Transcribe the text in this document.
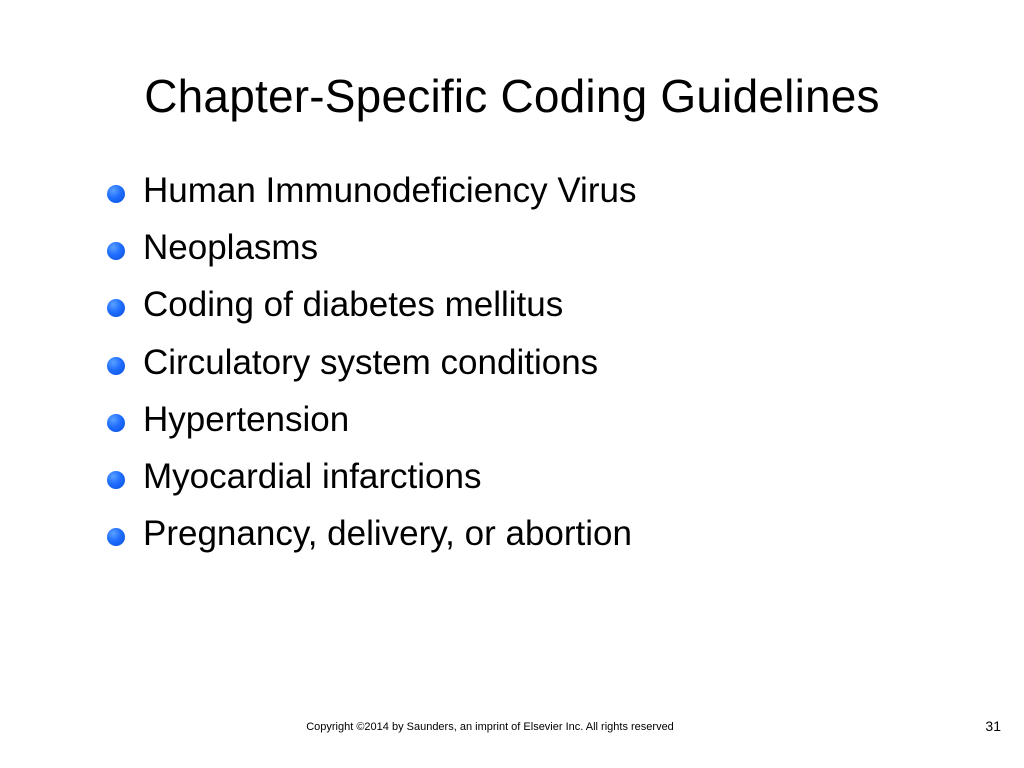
Chapter-Specific Coding Guidelines
Human Immunodeficiency Virus
Neoplasms
Coding of diabetes mellitus
Circulatory system conditions
Hypertension
Myocardial infarctions
Pregnancy, delivery, or abortion
Copyright ©2014 by Saunders, an imprint of Elsevier Inc. All rights reserved	31
